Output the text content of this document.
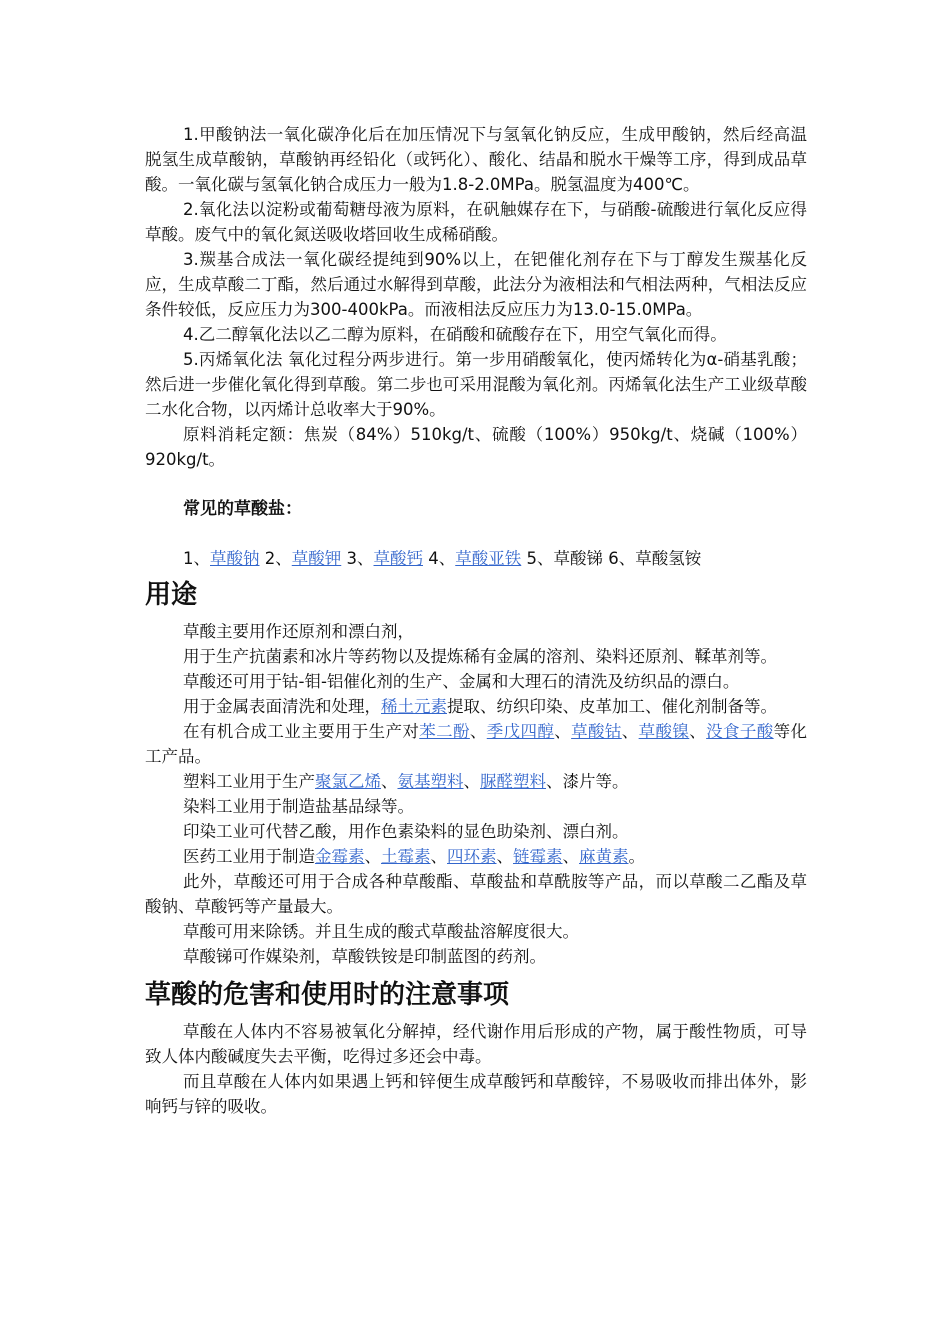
1.甲酸钠法一氧化碳净化后在加压情况下与氢氧化钠反应，生成甲酸钠，然后经高温脱氢生成草酸钠，草酸钠再经铅化（或钙化）、酸化、结晶和脱水干燥等工序，得到成品草酸。一氧化碳与氢氧化钠合成压力一般为1.8-2.0MPa。脱氢温度为400℃。

2.氧化法以淀粉或葡萄糖母液为原料，在矾触媒存在下，与硝酸-硫酸进行氧化反应得草酸。废气中的氧化氮送吸收塔回收生成稀硝酸。

3.羰基合成法一氧化碳经提纯到90%以上，在钯催化剂存在下与丁醇发生羰基化反应，生成草酸二丁酯，然后通过水解得到草酸，此法分为液相法和气相法两种，气相法反应条件较低，反应压力为300-400kPa。而液相法反应压力为13.0-15.0MPa。

4.乙二醇氧化法以乙二醇为原料，在硝酸和硫酸存在下，用空气氧化而得。

5.丙烯氧化法 氧化过程分两步进行。第一步用硝酸氧化，使丙烯转化为α-硝基乳酸；然后进一步催化氧化得到草酸。第二步也可采用混酸为氧化剂。丙烯氧化法生产工业级草酸二水化合物，以丙烯计总收率大于90%。

原料消耗定额：焦炭（84%）510kg/t、硫酸（100%）950kg/t、烧碱（100%）920kg/t。

常见的草酸盐：

1、草酸钠 2、草酸钾 3、草酸钙 4、草酸亚铁 5、草酸锑 6、草酸氢铵

用途

草酸主要用作还原剂和漂白剂，

用于生产抗菌素和冰片等药物以及提炼稀有金属的溶剂、染料还原剂、鞣革剂等。

草酸还可用于钴-钼-铝催化剂的生产、金属和大理石的清洗及纺织品的漂白。

用于金属表面清洗和处理，稀土元素提取、纺织印染、皮革加工、催化剂制备等。

在有机合成工业主要用于生产对苯二酚、季戊四醇、草酸钴、草酸镍、没食子酸等化工产品。

塑料工业用于生产聚氯乙烯、氨基塑料、脲醛塑料、漆片等。

染料工业用于制造盐基品绿等。

印染工业可代替乙酸，用作色素染料的显色助染剂、漂白剂。

医药工业用于制造金霉素、土霉素、四环素、链霉素、麻黄素。

此外，草酸还可用于合成各种草酸酯、草酸盐和草酰胺等产品，而以草酸二乙酯及草酸钠、草酸钙等产量最大。

草酸可用来除锈。并且生成的酸式草酸盐溶解度很大。

草酸锑可作媒染剂，草酸铁铵是印制蓝图的药剂。

草酸的危害和使用时的注意事项

草酸在人体内不容易被氧化分解掉，经代谢作用后形成的产物，属于酸性物质，可导致人体内酸碱度失去平衡，吃得过多还会中毒。

而且草酸在人体内如果遇上钙和锌便生成草酸钙和草酸锌，不易吸收而排出体外，影响钙与锌的吸收。
